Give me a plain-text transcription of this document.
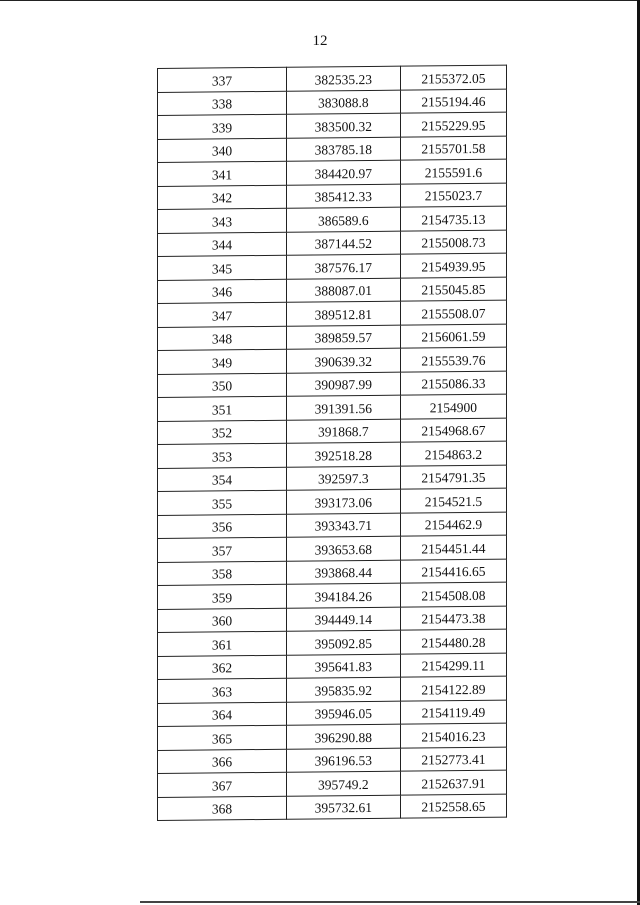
12
337	382535.23	2155372.05
338	383088.8	2155194.46
339	383500.32	2155229.95
340	383785.18	2155701.58
341	384420.97	2155591.6
342	385412.33	2155023.7
343	386589.6	2154735.13
344	387144.52	2155008.73
345	387576.17	2154939.95
346	388087.01	2155045.85
347	389512.81	2155508.07
348	389859.57	2156061.59
349	390639.32	2155539.76
350	390987.99	2155086.33
351	391391.56	2154900
352	391868.7	2154968.67
353	392518.28	2154863.2
354	392597.3	2154791.35
355	393173.06	2154521.5
356	393343.71	2154462.9
357	393653.68	2154451.44
358	393868.44	2154416.65
359	394184.26	2154508.08
360	394449.14	2154473.38
361	395092.85	2154480.28
362	395641.83	2154299.11
363	395835.92	2154122.89
364	395946.05	2154119.49
365	396290.88	2154016.23
366	396196.53	2152773.41
367	395749.2	2152637.91
368	395732.61	2152558.65
